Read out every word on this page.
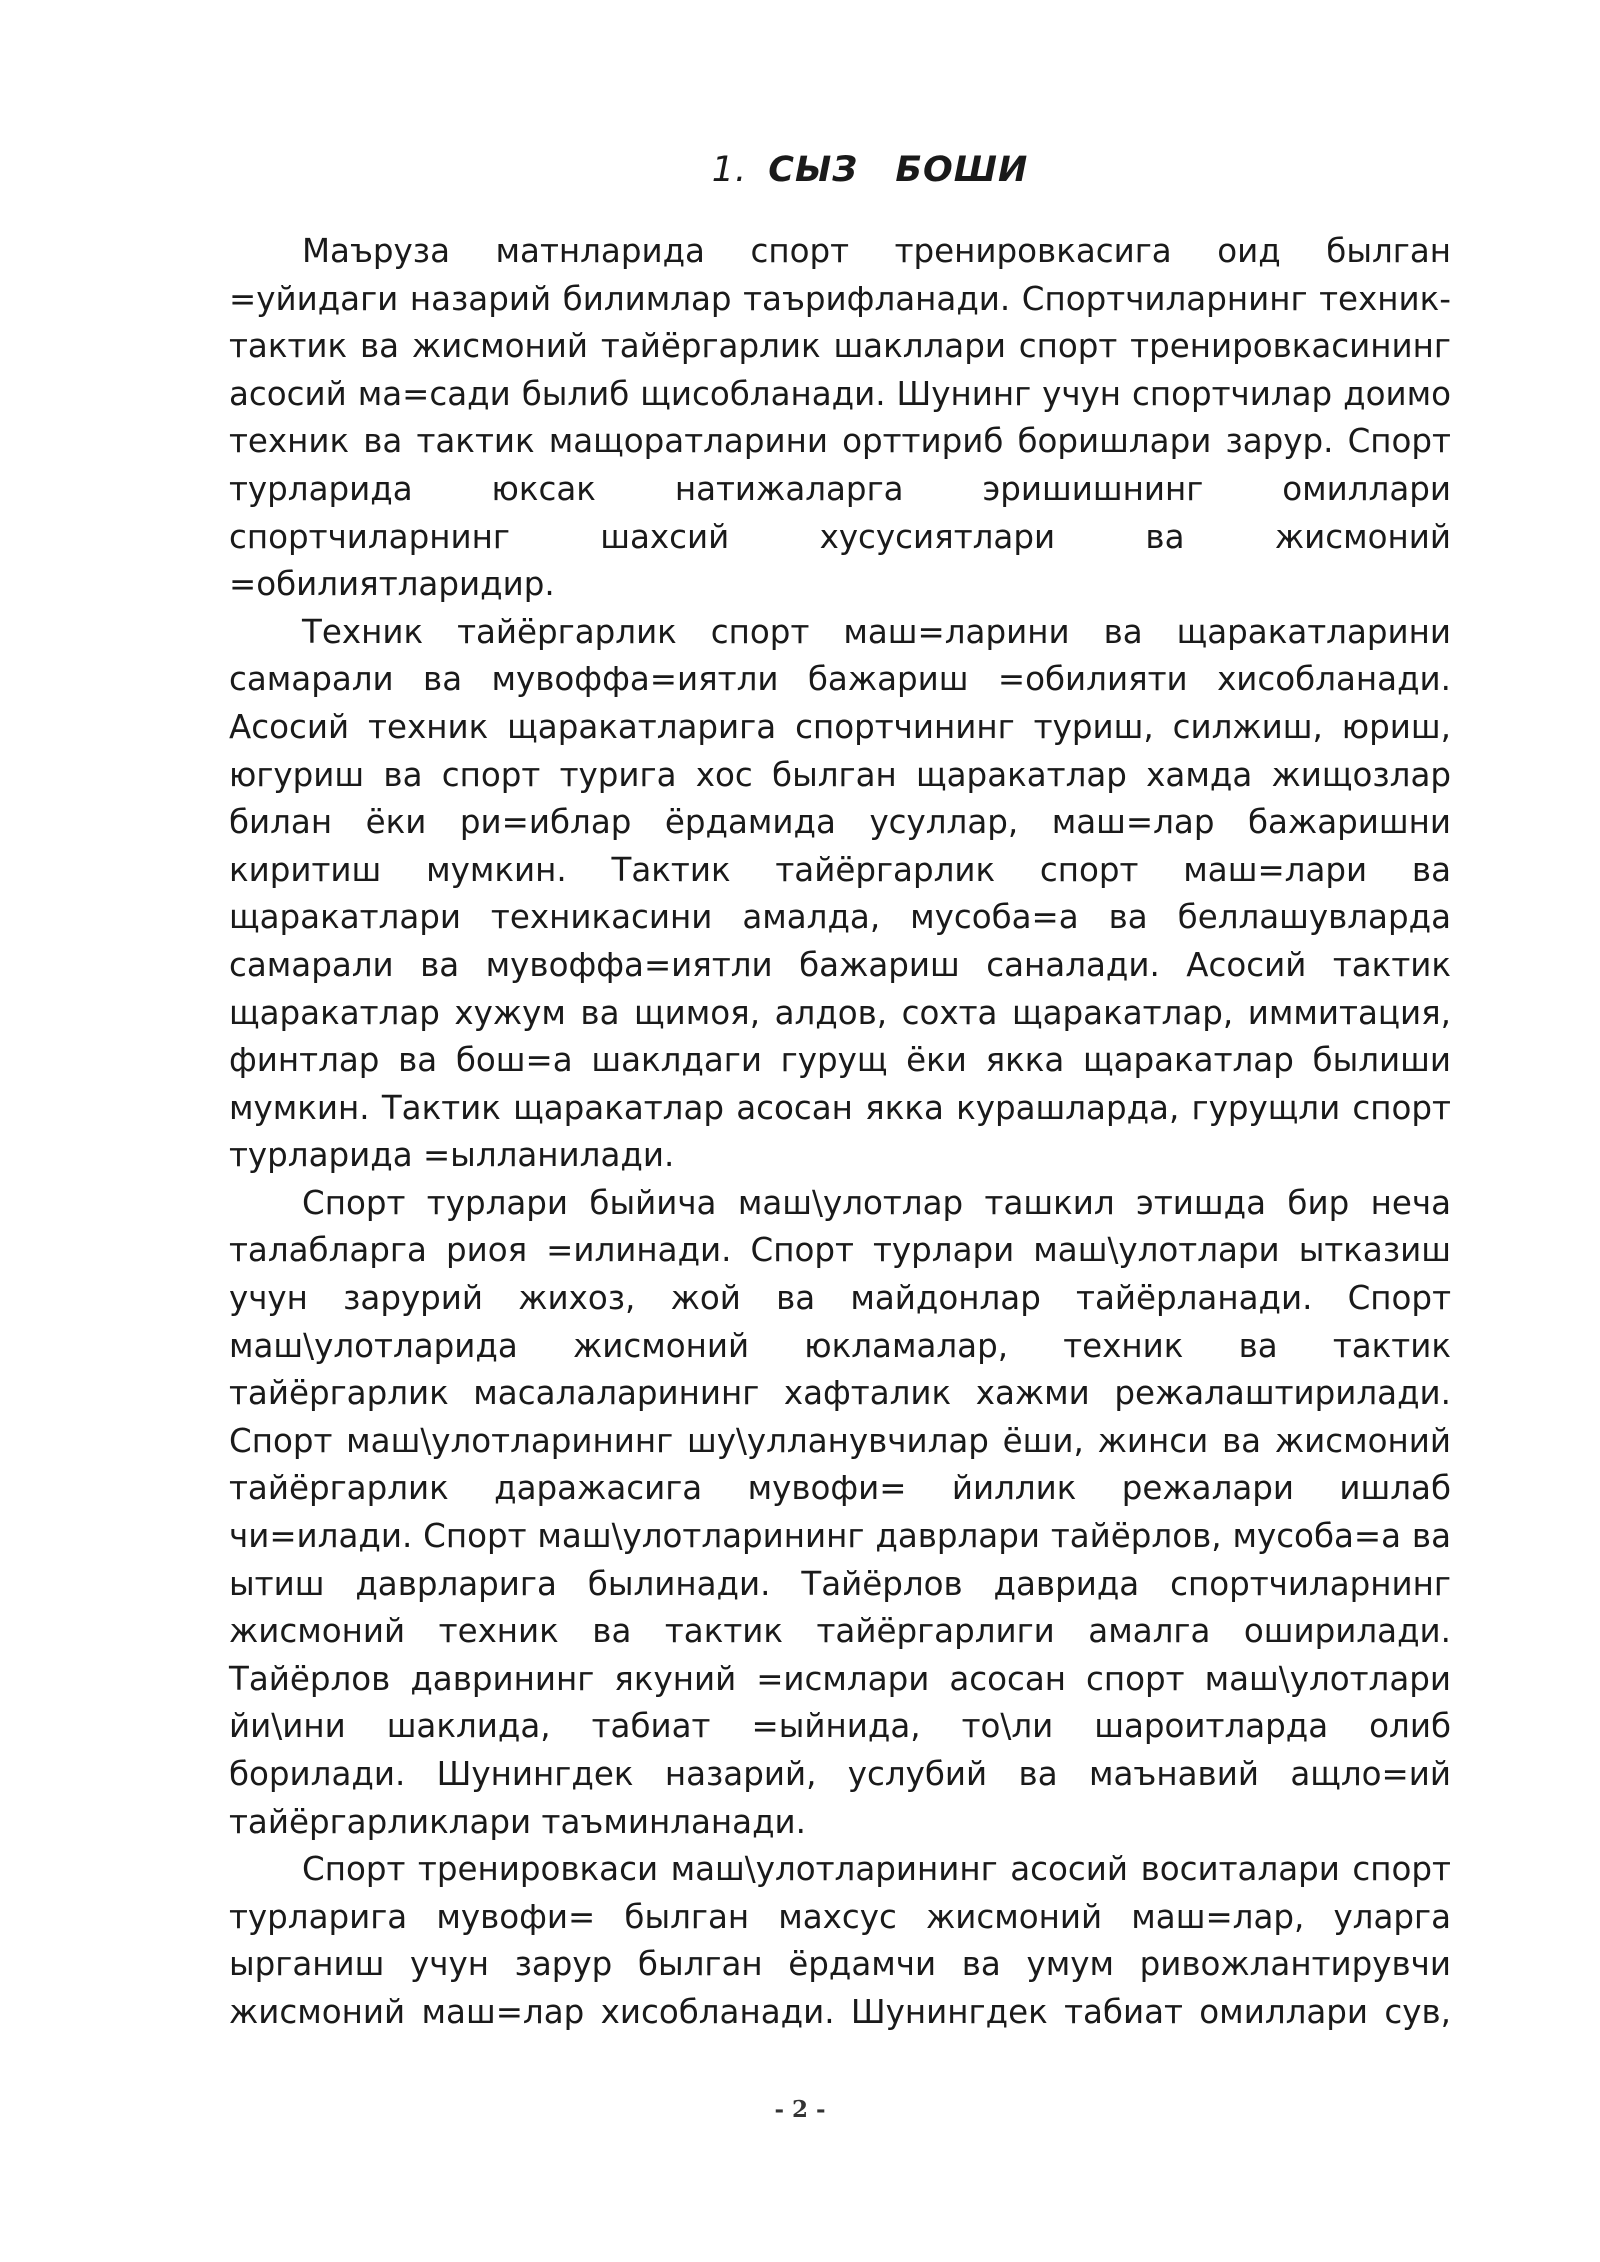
1. СЫЗ БОШИ

Маъруза матнларида спорт тренировкасига оид былган =уйидаги назарий билимлар таърифланади. Спортчиларнинг техник-тактик ва жисмоний тайёргарлик шакллари спорт тренировкасининг асосий ма=сади былиб щисобланади. Шунинг учун спортчилар доимо техник ва тактик мащоратларини орттириб боришлари зарур. Спорт турларида юксак натижаларга эришишнинг омиллари спортчиларнинг шахсий хусусиятлари ва жисмоний =обилиятларидир.

Техник тайёргарлик спорт маш=ларини ва щаракатларини самарали ва мувоффа=иятли бажариш =обилияти хисобланади. Асосий техник щаракатларига спортчининг туриш, силжиш, юриш, югуриш ва спорт турига хос былган щаракатлар хамда жищозлар билан ёки ри=иблар ёрдамида усуллар, маш=лар бажаришни киритиш мумкин. Тактик тайёргарлик спорт маш=лари ва щаракатлари техникасини амалда, мусоба=а ва беллашувларда самарали ва мувоффа=иятли бажариш саналади. Асосий тактик щаракатлар хужум ва щимоя, алдов, сохта щаракатлар, иммитация, финтлар ва бош=а шаклдаги гурущ ёки якка щаракатлар былиши мумкин. Тактик щаракатлар асосан якка курашларда, гурущли спорт турларида =ылланилади.

Спорт турлари быйича маш\улотлар ташкил этишда бир неча талабларга риоя =илинади. Спорт турлари маш\улотлари ытказиш учун зарурий жихоз, жой ва майдонлар тайёрланади. Спорт маш\улотларида жисмоний юкламалар, техник ва тактик тайёргарлик масалаларининг хафталик хажми режалаштирилади. Спорт маш\улотларининг шу\улланувчилар ёши, жинси ва жисмоний тайёргарлик даражасига мувофи= йиллик режалари ишлаб чи=илади. Спорт маш\улотларининг даврлари тайёрлов, мусоба=а ва ытиш даврларига былинади. Тайёрлов даврида спортчиларнинг жисмоний техник ва тактик тайёргарлиги амалга оширилади. Тайёрлов даврининг якуний =исмлари асосан спорт маш\улотлари йи\ини шаклида, табиат =ыйнида, то\ли шароитларда олиб борилади. Шунингдек назарий, услубий ва маънавий ащло=ий тайёргарликлари таъминланади.

Спорт тренировкаси маш\улотларининг асосий воситалари спорт турларига мувофи= былган махсус жисмоний маш=лар, уларга ырганиш учун зарур былган ёрдамчи ва умум ривожлантирувчи жисмоний маш=лар хисобланади. Шунингдек табиат омиллари сув,

- 2 -
